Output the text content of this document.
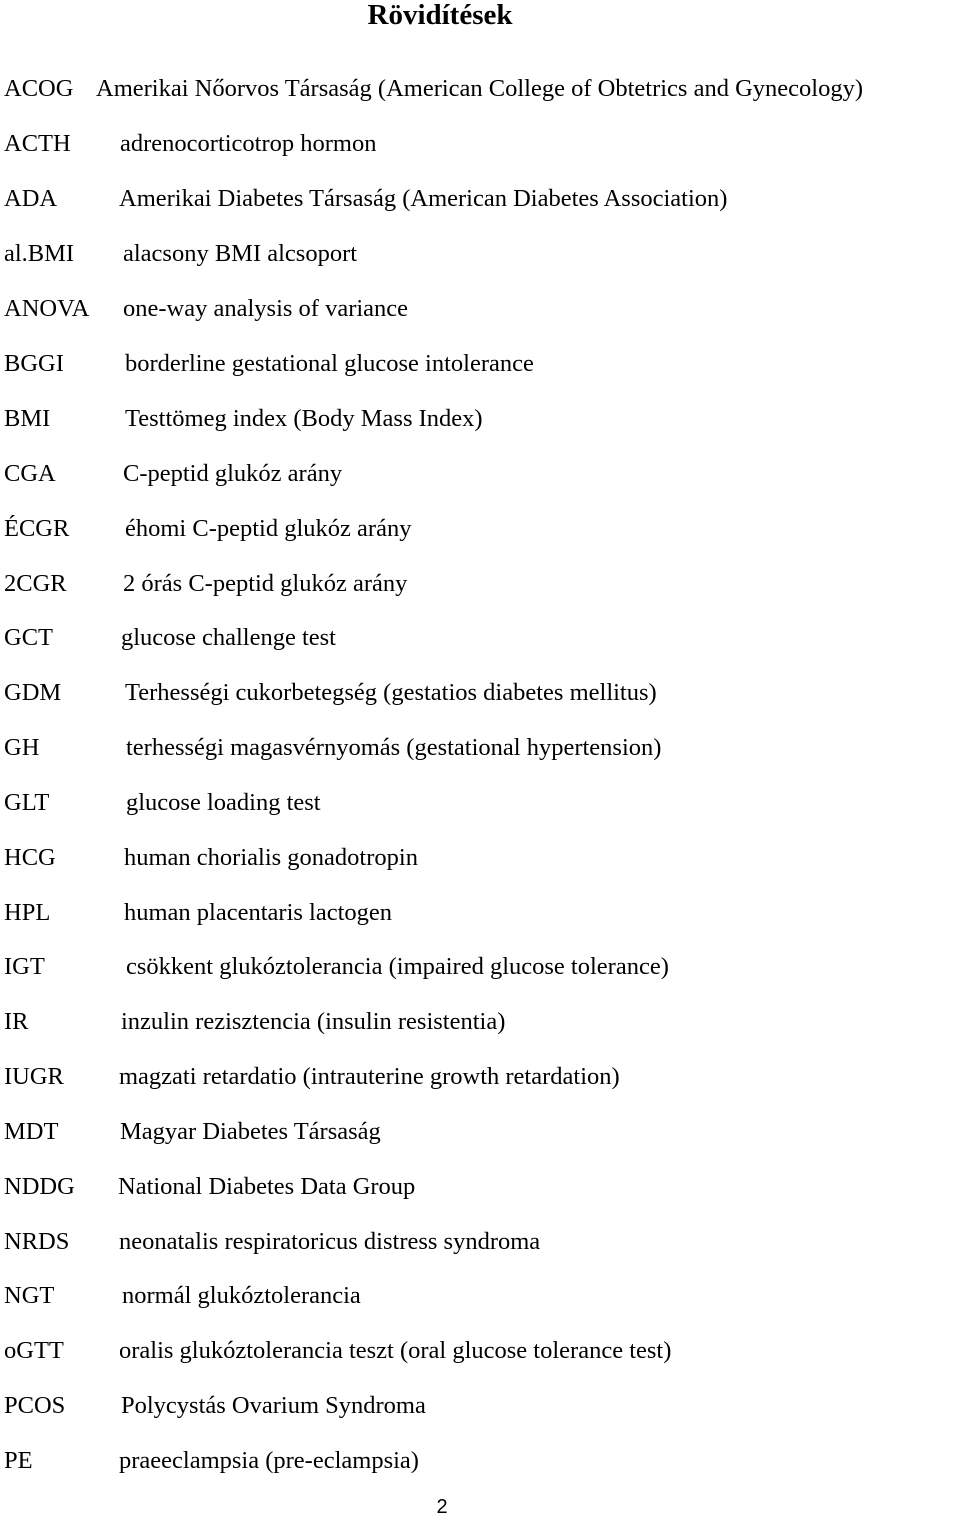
Rövidítések
ACOG Amerikai Nőorvos Társaság (American College of Obtetrics and Gynecology)
ACTH adrenocorticotrop hormon
ADA	Amerikai Diabetes Társaság (American Diabetes Association)
al.BMI alacsony BMI alcsoport
ANOVA one-way analysis of variance
BGGI borderline gestational glucose intolerance
BMI	Testtömeg index (Body Mass Index)
CGA	C-peptid glukóz arány
ÉCGR éhomi C-peptid glukóz arány
2CGR 2 órás C-peptid glukóz arány
GCT	glucose challenge test
GDM	Terhességi cukorbetegség (gestatios diabetes mellitus)
GH	terhességi magasvérnyomás (gestational hypertension)
GLT	glucose loading test
HCG	human chorialis gonadotropin
HPL	human placentaris lactogen
IGT	csökkent glukóztolerancia (impaired glucose tolerance)
IR	inzulin rezisztencia (insulin resistentia)
IUGR magzati retardatio (intrauterine growth retardation)
MDT	Magyar Diabetes Társaság
NDDG National Diabetes Data Group
NRDS neonatalis respiratoricus distress syndroma
NGT	normál glukóztolerancia
oGTT oralis glukóztolerancia teszt (oral glucose tolerance test)
PCOS Polycystás Ovarium Syndroma
PE	praeeclampsia (pre-eclampsia)
2
